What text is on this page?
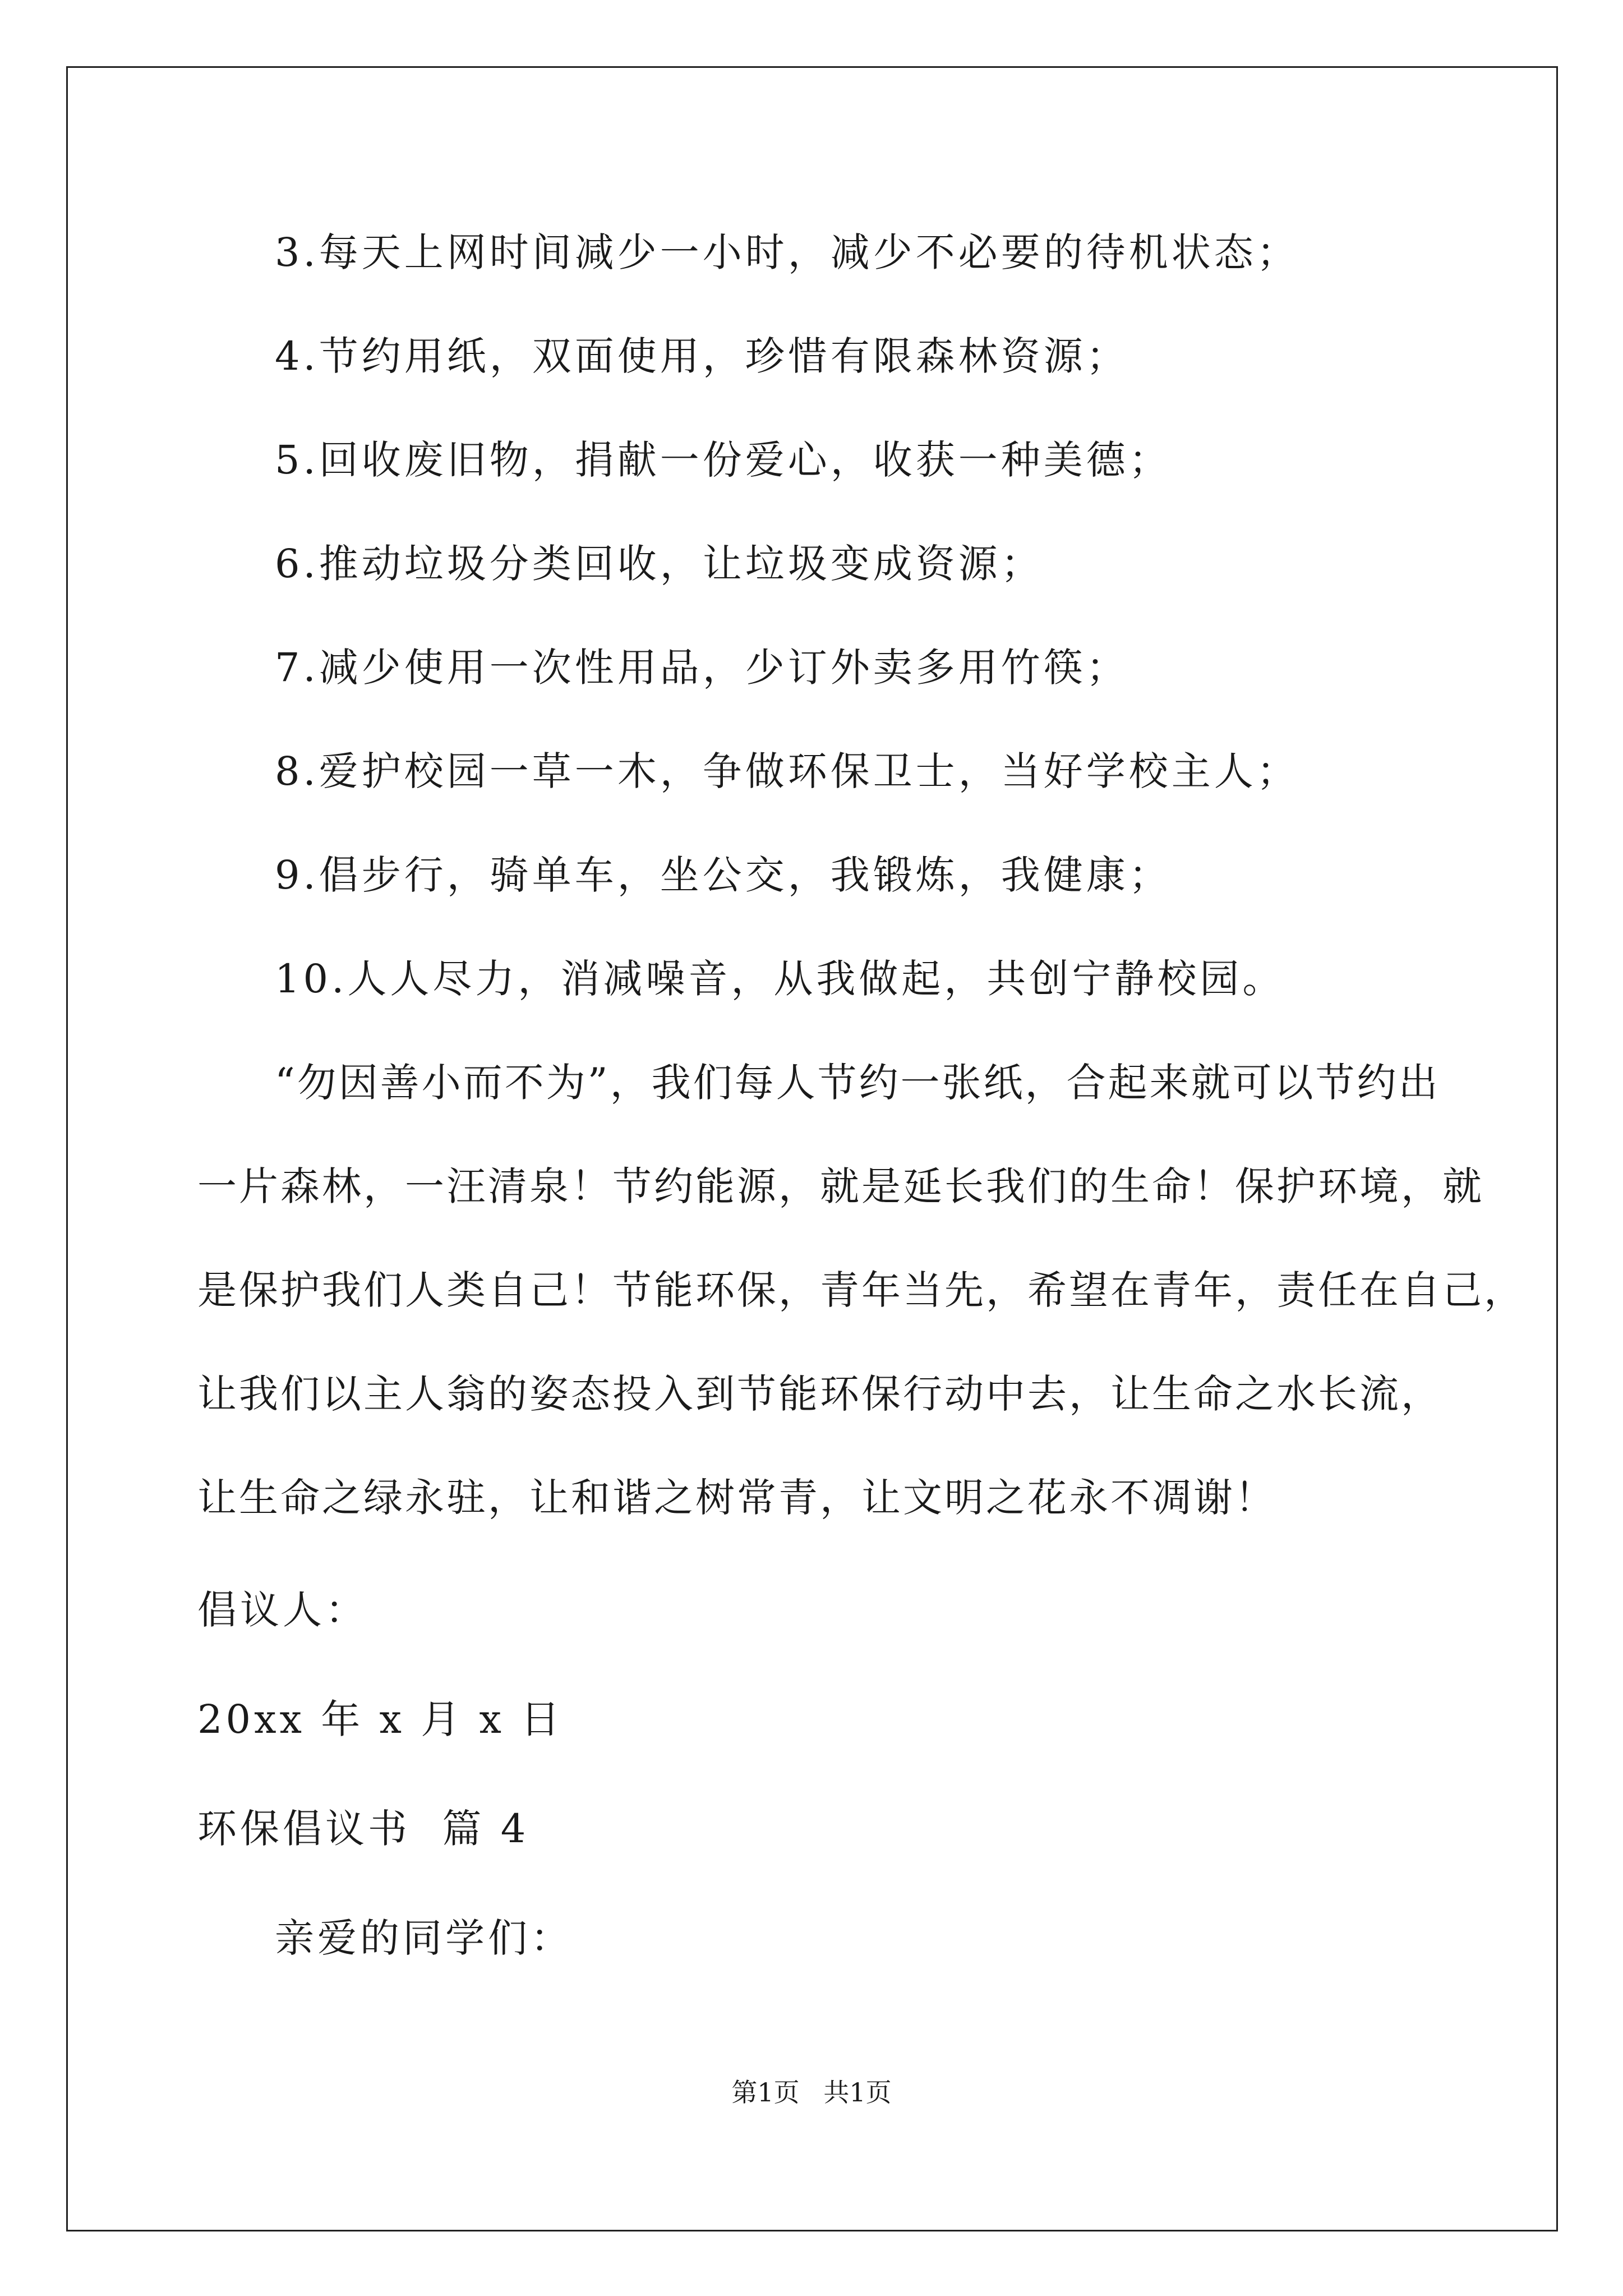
3.每天上网时间减少一小时，减少不必要的待机状态；
4.节约用纸，双面使用，珍惜有限森林资源；
5.回收废旧物，捐献一份爱心，收获一种美德；
6.推动垃圾分类回收，让垃圾变成资源；
7.减少使用一次性用品，少订外卖多用竹筷；
8.爱护校园一草一木，争做环保卫士，当好学校主人；
9.倡步行，骑单车，坐公交，我锻炼，我健康；
10.人人尽力，消减噪音，从我做起，共创宁静校园。
“勿因善小而不为”，我们每人节约一张纸，合起来就可以节约出
一片森林，一汪清泉！节约能源，就是延长我们的生命！保护环境，就
是保护我们人类自己！节能环保，青年当先，希望在青年，责任在自己，
让我们以主人翁的姿态投入到节能环保行动中去，让生命之水长流，
让生命之绿永驻，让和谐之树常青，让文明之花永不凋谢！
倡议人：
20xx 年 x 月 x 日
环保倡议书  篇 4
亲爱的同学们：
第1页 共1页
